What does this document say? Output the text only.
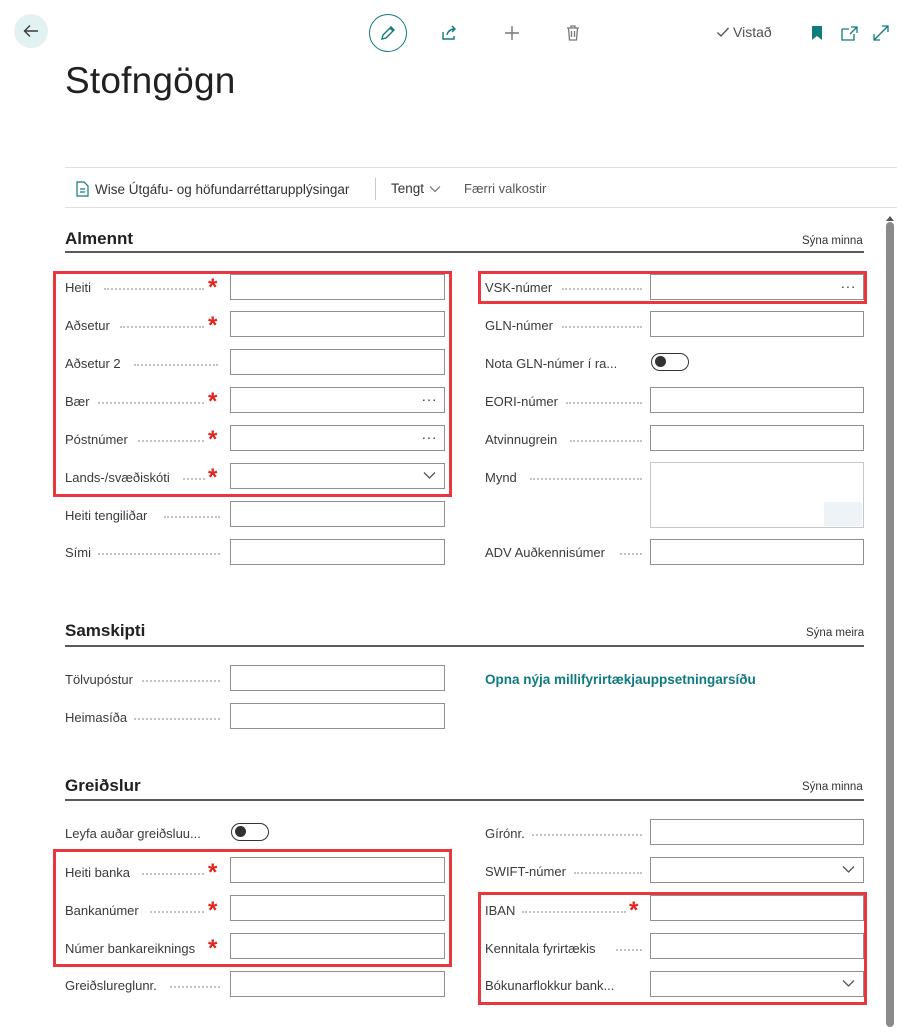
Vistað
Stofngögn
Wise Útgáfu- og höfundarréttarupplýsingar	Tengt	Færri valkostir
Almennt	Sýna minna
Heiti	*
Aðsetur	*
Aðsetur 2
Bær	*	···
Póstnúmer	*	···
Lands-/svæðiskóti *
Heiti tengiliðar
Sími
VSK-númer	···
GLN-númer
Nota GLN-númer í ra...
EORI-númer
Atvinnugrein
Mynd
ADV Auðkennisúmer
Samskipti	Sýna meira
Tölvupóstur
Heimasíða
Opna nýja millifyrirtækjauppsetningarsíðu
Greiðslur	Sýna minna
Leyfa auðar greiðsluu...
Heiti banka	*
Bankanúmer	*
Númer bankareiknings *
Greiðslureglunr.
Gírónr.
SWIFT-númer
IBAN	*
Kennitala fyrirtækis
Bókunarflokkur bank...
